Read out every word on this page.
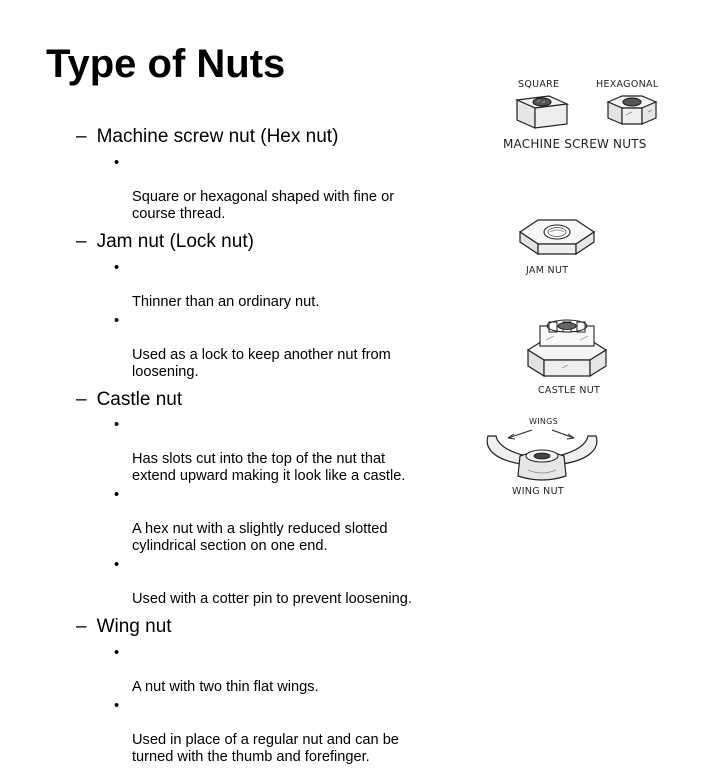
Type of Nuts
– Machine screw nut (Hex nut)

•

Square or hexagonal shaped with fine or
course thread.

– Jam nut (Lock nut)

•

Thinner than an ordinary nut.

•

Used as a lock to keep another nut from
loosening.

– Castle nut

•

Has slots cut into the top of the nut that
extend upward making it look like a castle.

•

A hex nut with a slightly reduced slotted
cylindrical section on one end.

•

Used with a cotter pin to prevent loosening.

– Wing nut

•

A nut with two thin flat wings.

•

Used in place of a regular nut and can be
turned with the thumb and forefinger.

SQUARE	HEXAGONAL
MACHINE SCREW NUTS
JAM NUT
CASTLE NUT
WINGS
WING NUT
